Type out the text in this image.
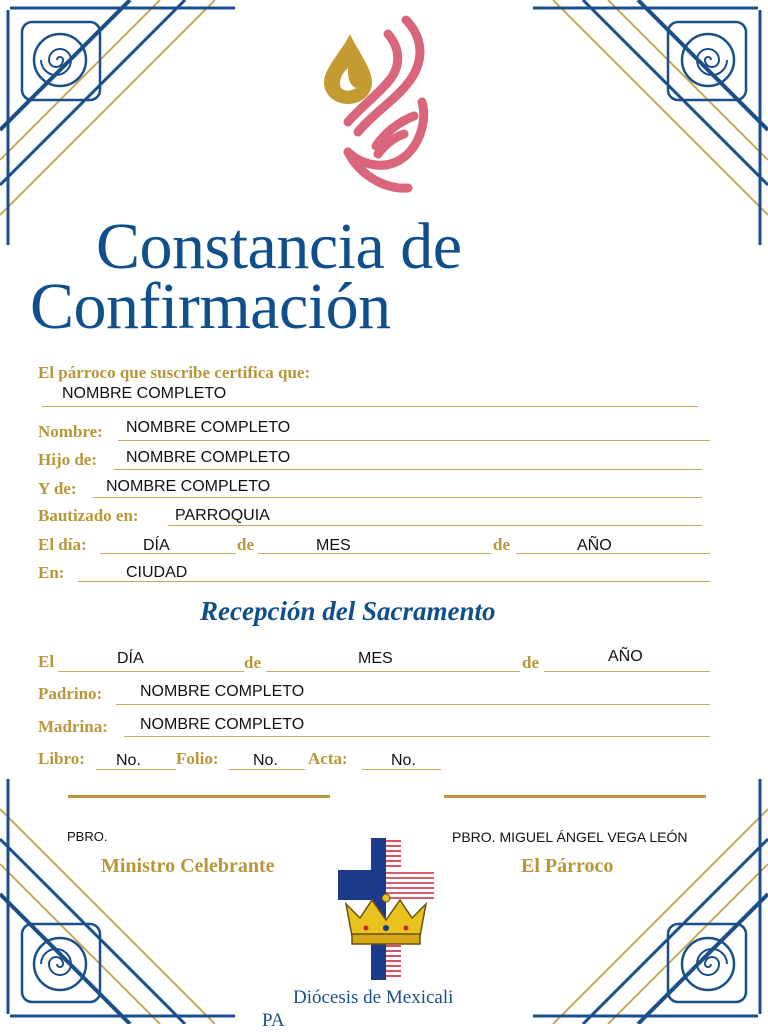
Constancia de
Confirmación
El párroco que suscribe certifica que:
NOMBRE COMPLETO
Nombre: NOMBRE COMPLETO
Hijo de: NOMBRE COMPLETO
Y de: NOMBRE COMPLETO
Bautizado en: PARROQUIA
El día:	DÍA	de	MES	de	AÑO
En:	CIUDAD
Recepción del Sacramento
El	DÍA	de	MES	de	AÑO
Padrino: NOMBRE COMPLETO
Madrina: NOMBRE COMPLETO
Libro: No. Folio: No. Acta:	No.
PBRO.
Ministro Celebrante
PBRO. MIGUEL ÁNGEL VEGA LEÓN
El Párroco
Diócesis de Mexicali
PA
